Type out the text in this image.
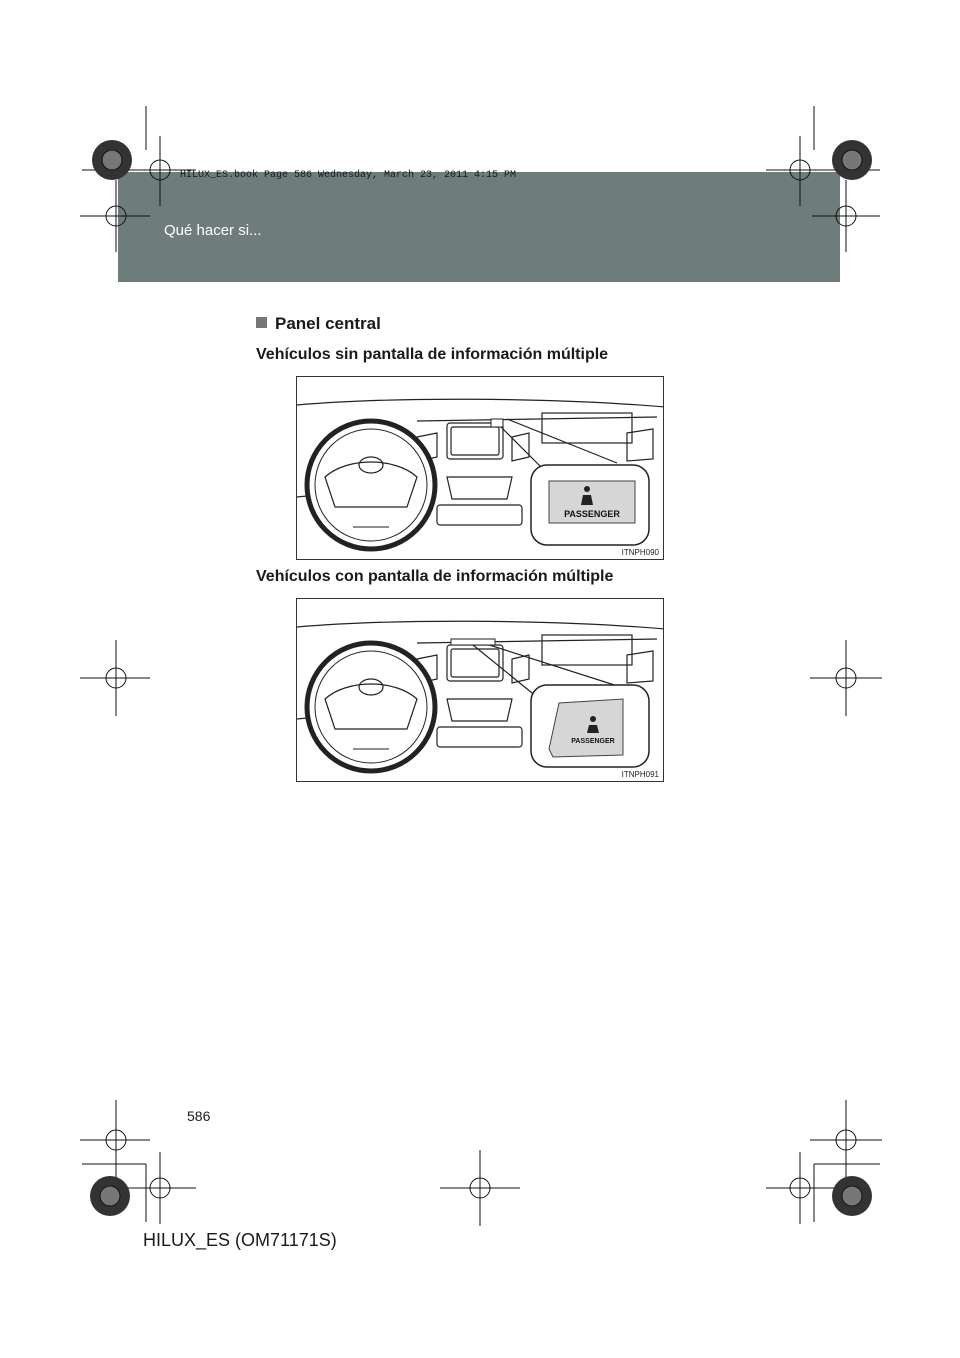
Qué hacer si...
HILUX_ES.book Page 586 Wednesday, March 23, 2011 4:15 PM
Panel central
Vehículos sin pantalla de información múltiple
PASSENGER
ITNPH090
Vehículos con pantalla de información múltiple
PASSENGER
ITNPH091
586
HILUX_ES (OM71171S)
